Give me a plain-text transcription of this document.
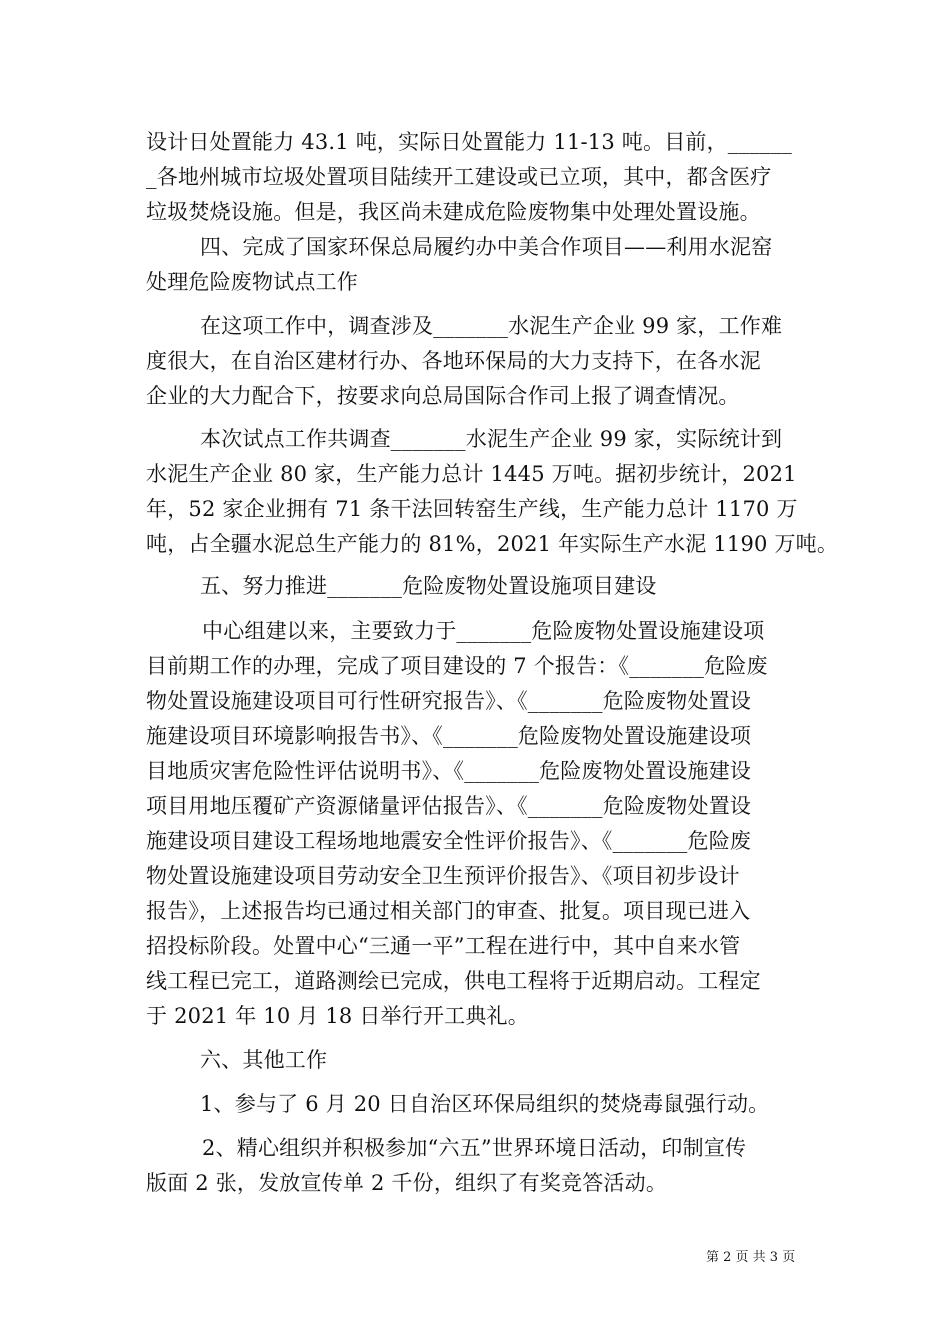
设计日处置能力 43.1 吨，实际日处置能力 11-13 吨。目前，______
_各地州城市垃圾处置项目陆续开工建设或已立项，其中，都含医疗
垃圾焚烧设施。但是，我区尚未建成危险废物集中处理处置设施。
四、完成了国家环保总局履约办中美合作项目——利用水泥窑
处理危险废物试点工作
在这项工作中，调查涉及_______水泥生产企业 99 家，工作难
度很大，在自治区建材行办、各地环保局的大力支持下，在各水泥
企业的大力配合下，按要求向总局国际合作司上报了调查情况。
本次试点工作共调查_______水泥生产企业 99 家，实际统计到
水泥生产企业 80 家，生产能力总计 1445 万吨。据初步统计，2021
年，52 家企业拥有 71 条干法回转窑生产线，生产能力总计 1170 万
吨，占全疆水泥总生产能力的 81%，2021 年实际生产水泥 1190 万吨。
五、努力推进_______危险废物处置设施项目建设
中心组建以来，主要致力于_______危险废物处置设施建设项
目前期工作的办理，完成了项目建设的 7 个报告：《_______危险废
物处置设施建设项目可行性研究报告》、《_______危险废物处置设
施建设项目环境影响报告书》、《_______危险废物处置设施建设项
目地质灾害危险性评估说明书》、《_______危险废物处置设施建设
项目用地压覆矿产资源储量评估报告》、《_______危险废物处置设
施建设项目建设工程场地地震安全性评价报告》、《_______危险废
物处置设施建设项目劳动安全卫生预评价报告》、《项目初步设计
报告》，上述报告均已通过相关部门的审查、批复。项目现已进入
招投标阶段。处置中心“三通一平”工程在进行中，其中自来水管
线工程已完工，道路测绘已完成，供电工程将于近期启动。工程定
于 2021 年 10 月 18 日举行开工典礼。
六、其他工作
1、参与了 6 月 20 日自治区环保局组织的焚烧毒鼠强行动。
2、精心组织并积极参加“六五”世界环境日活动，印制宣传
版面 2 张，发放宣传单 2 千份，组织了有奖竞答活动。
第 2 页 共 3 页
